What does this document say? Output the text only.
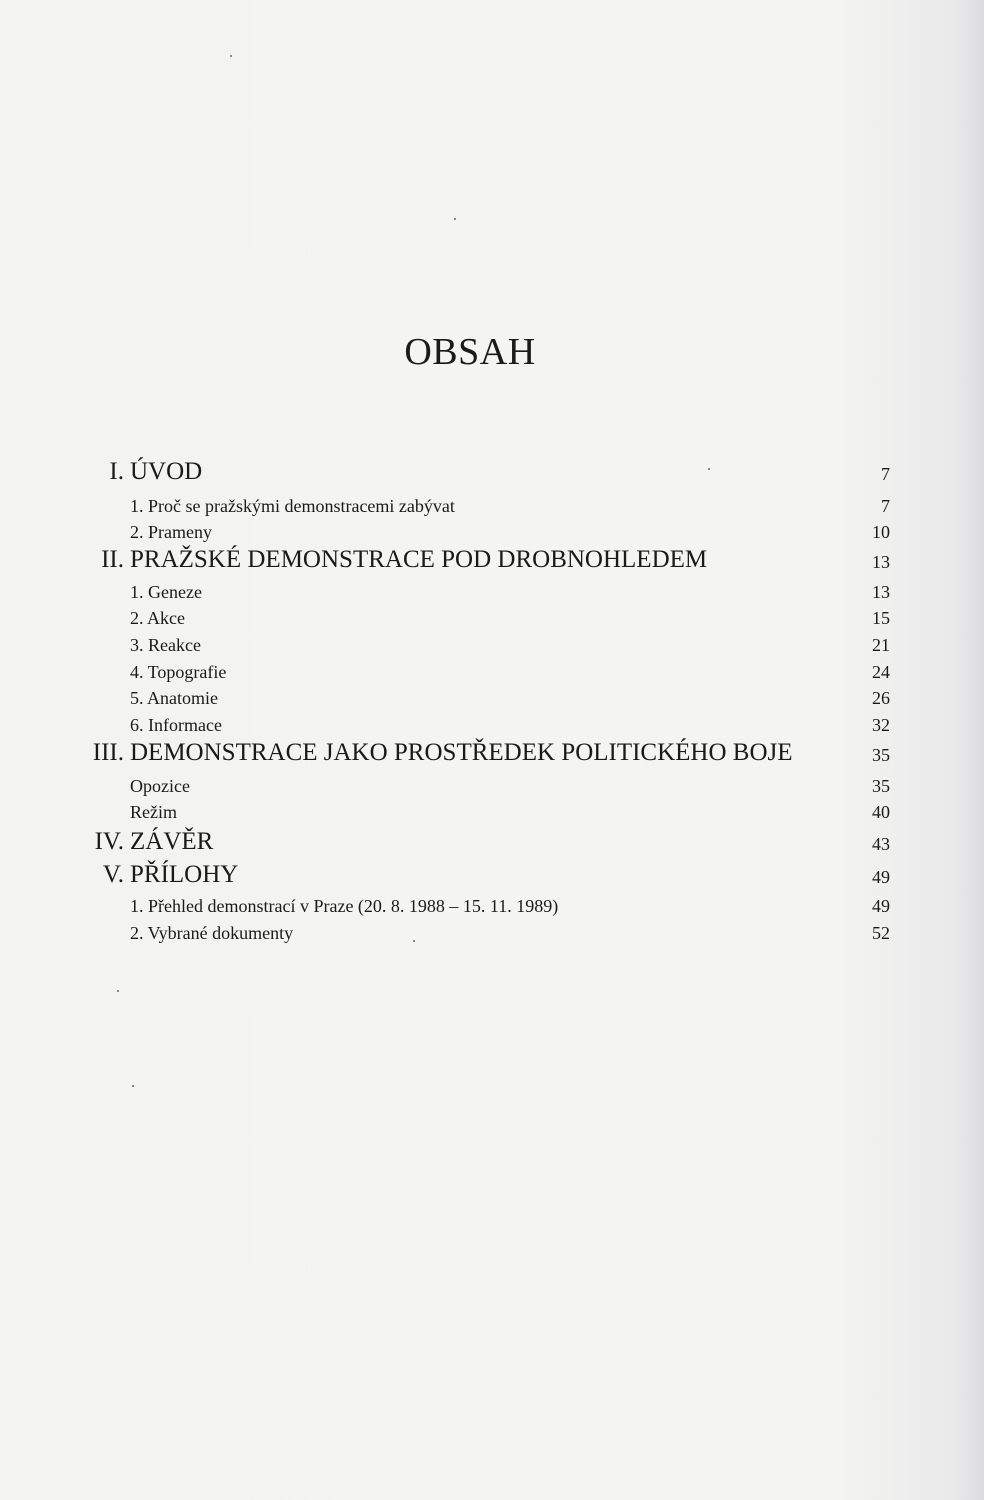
OBSAH
I. ÚVOD	7
1. Proč se pražskými demonstracemi zabývat	7
2. Prameny	10
II. PRAŽSKÉ DEMONSTRACE POD DROBNOHLEDEM	13
1. Geneze	13
2. Akce	15
3. Reakce	21
4. Topografie	24
5. Anatomie	26
6. Informace	32
III. DEMONSTRACE JAKO PROSTŘEDEK POLITICKÉHO BOJE	35
Opozice	35
Režim	40
IV. ZÁVĚR	43
V. PŘÍLOHY	49
1. Přehled demonstrací v Praze (20. 8. 1988 – 15. 11. 1989)	49
2. Vybrané dokumenty	52
